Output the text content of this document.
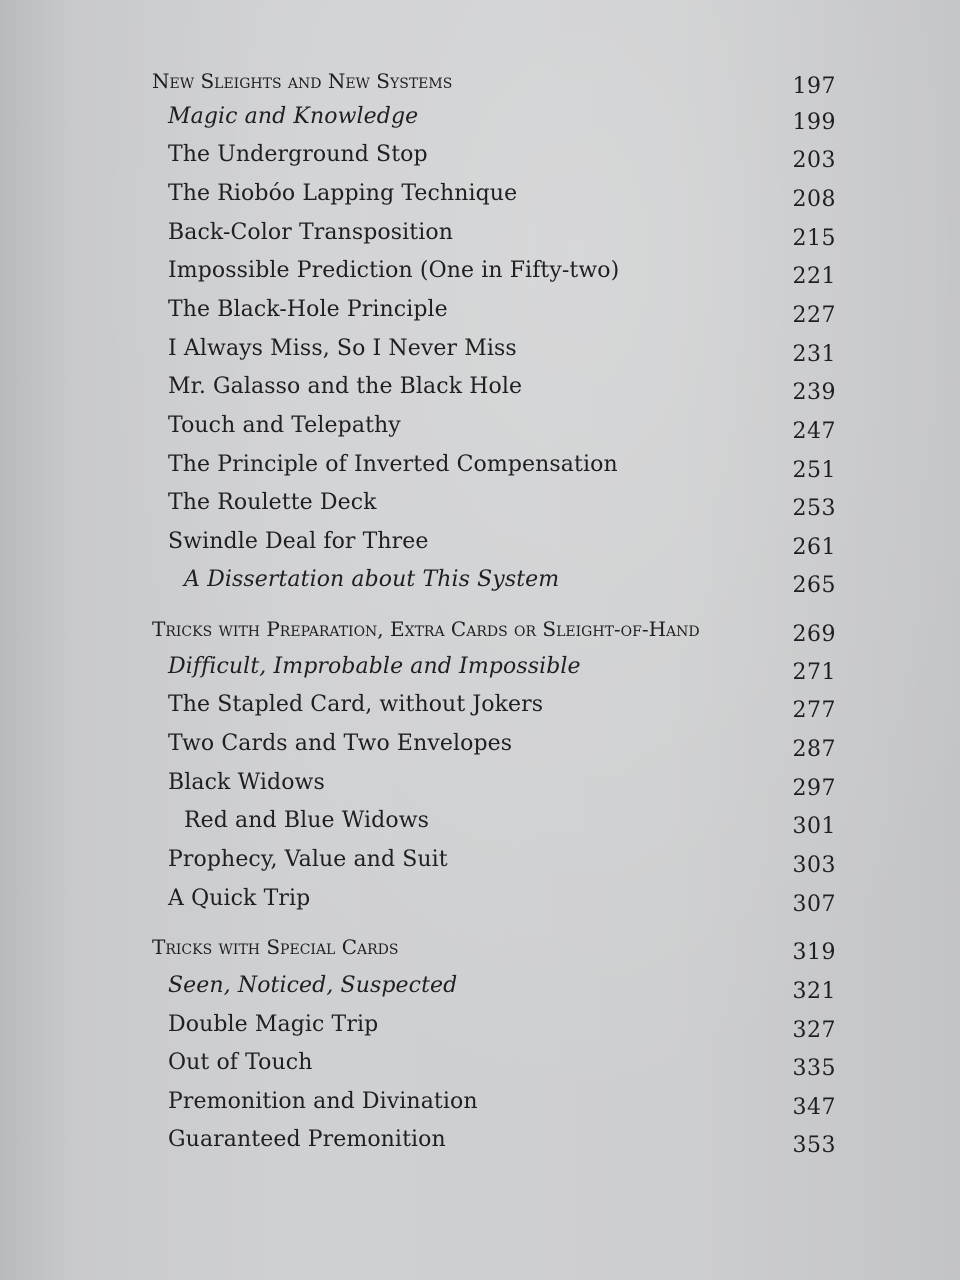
New Sleights and New Systems	197
Magic and Knowledge	199
The Underground Stop	203
The Riobóo Lapping Technique	208
Back-Color Transposition	215
Impossible Prediction (One in Fifty-two)	221
The Black-Hole Principle	227
I Always Miss, So I Never Miss	231
Mr. Galasso and the Black Hole	239
Touch and Telepathy	247
The Principle of Inverted Compensation	251
The Roulette Deck	253
Swindle Deal for Three	261
A Dissertation about This System	265
Tricks with Preparation, Extra Cards or Sleight-of-Hand	269
Difficult, Improbable and Impossible	271
The Stapled Card, without Jokers	277
Two Cards and Two Envelopes	287
Black Widows	297
Red and Blue Widows	301
Prophecy, Value and Suit	303
A Quick Trip	307
Tricks with Special Cards	319
Seen, Noticed, Suspected	321
Double Magic Trip	327
Out of Touch	335
Premonition and Divination	347
Guaranteed Premonition	353
